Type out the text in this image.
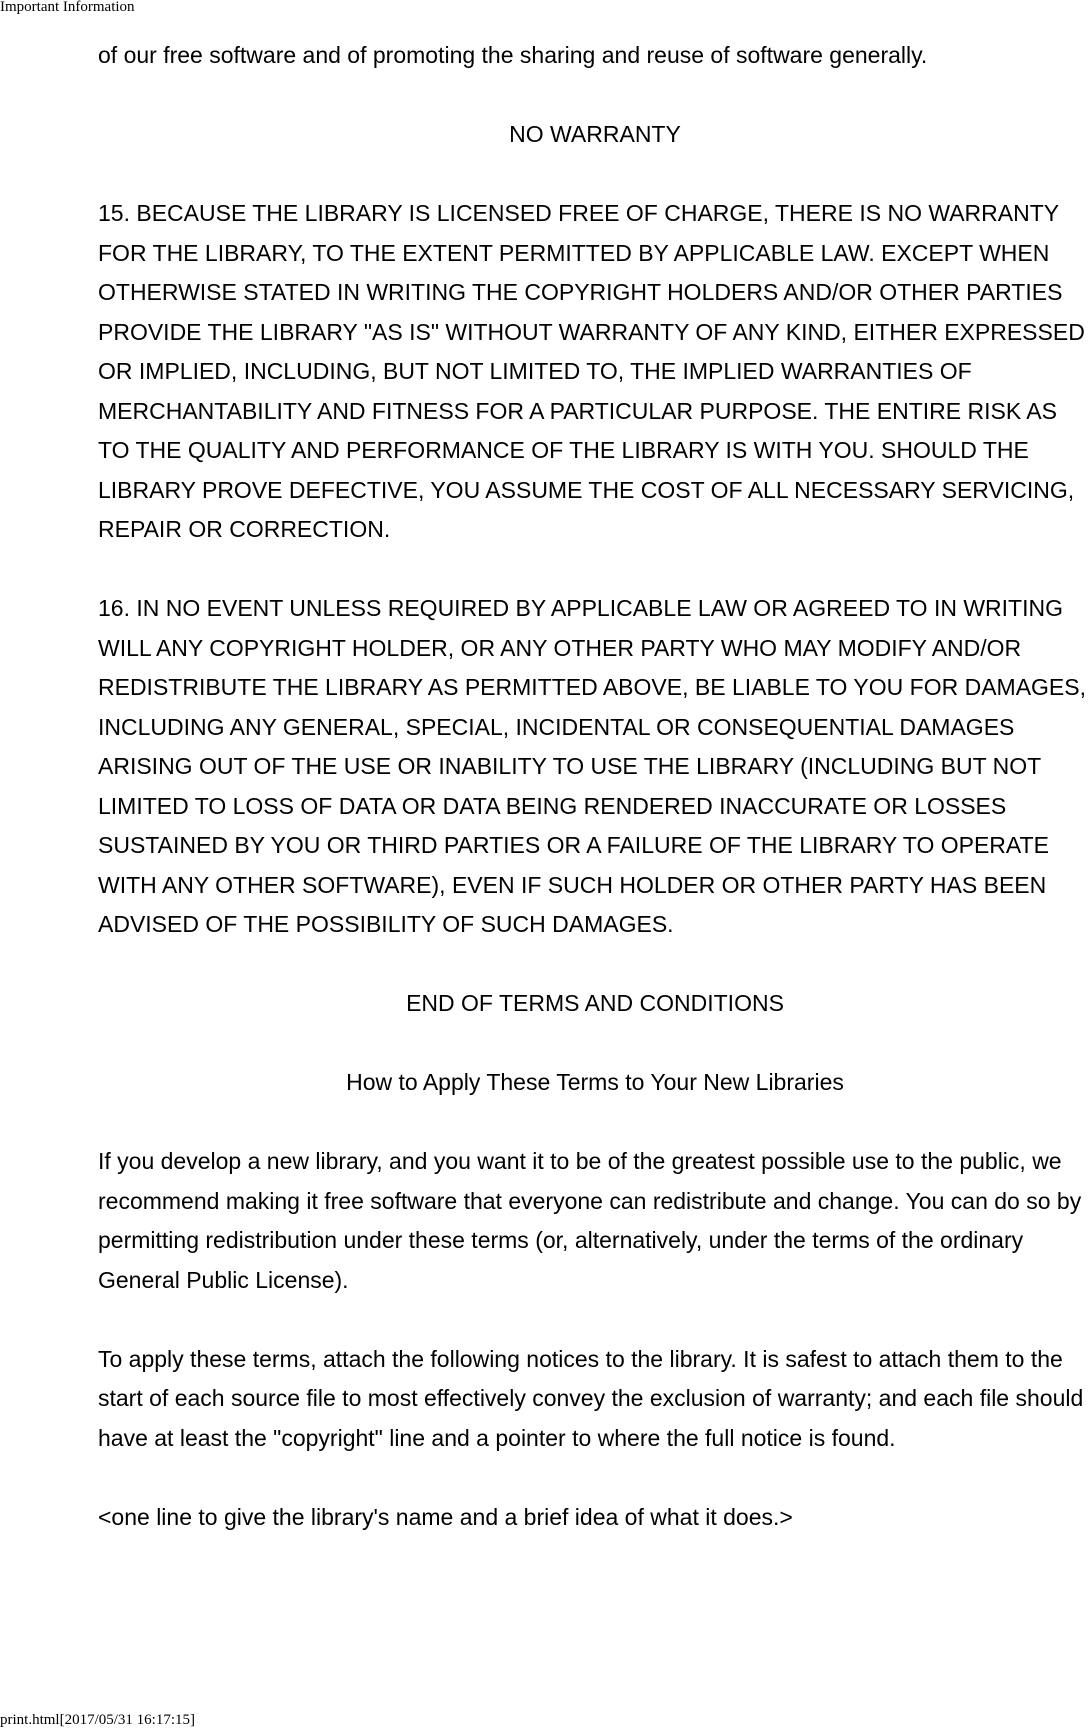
Important Information

of our free software and of promoting the sharing and reuse of software generally.

NO WARRANTY

15. BECAUSE THE LIBRARY IS LICENSED FREE OF CHARGE, THERE IS NO WARRANTY FOR THE LIBRARY, TO THE EXTENT PERMITTED BY APPLICABLE LAW. EXCEPT WHEN OTHERWISE STATED IN WRITING THE COPYRIGHT HOLDERS AND/OR OTHER PARTIES PROVIDE THE LIBRARY "AS IS" WITHOUT WARRANTY OF ANY KIND, EITHER EXPRESSED OR IMPLIED, INCLUDING, BUT NOT LIMITED TO, THE IMPLIED WARRANTIES OF MERCHANTABILITY AND FITNESS FOR A PARTICULAR PURPOSE. THE ENTIRE RISK AS TO THE QUALITY AND PERFORMANCE OF THE LIBRARY IS WITH YOU. SHOULD THE LIBRARY PROVE DEFECTIVE, YOU ASSUME THE COST OF ALL NECESSARY SERVICING, REPAIR OR CORRECTION.

16. IN NO EVENT UNLESS REQUIRED BY APPLICABLE LAW OR AGREED TO IN WRITING WILL ANY COPYRIGHT HOLDER, OR ANY OTHER PARTY WHO MAY MODIFY AND/OR REDISTRIBUTE THE LIBRARY AS PERMITTED ABOVE, BE LIABLE TO YOU FOR DAMAGES, INCLUDING ANY GENERAL, SPECIAL, INCIDENTAL OR CONSEQUENTIAL DAMAGES ARISING OUT OF THE USE OR INABILITY TO USE THE LIBRARY (INCLUDING BUT NOT LIMITED TO LOSS OF DATA OR DATA BEING RENDERED INACCURATE OR LOSSES SUSTAINED BY YOU OR THIRD PARTIES OR A FAILURE OF THE LIBRARY TO OPERATE WITH ANY OTHER SOFTWARE), EVEN IF SUCH HOLDER OR OTHER PARTY HAS BEEN ADVISED OF THE POSSIBILITY OF SUCH DAMAGES.

END OF TERMS AND CONDITIONS

How to Apply These Terms to Your New Libraries

If you develop a new library, and you want it to be of the greatest possible use to the public, we recommend making it free software that everyone can redistribute and change. You can do so by permitting redistribution under these terms (or, alternatively, under the terms of the ordinary General Public License).

To apply these terms, attach the following notices to the library. It is safest to attach them to the start of each source file to most effectively convey the exclusion of warranty; and each file should have at least the "copyright" line and a pointer to where the full notice is found.

<one line to give the library's name and a brief idea of what it does.>

print.html[2017/05/31 16:17:15]
